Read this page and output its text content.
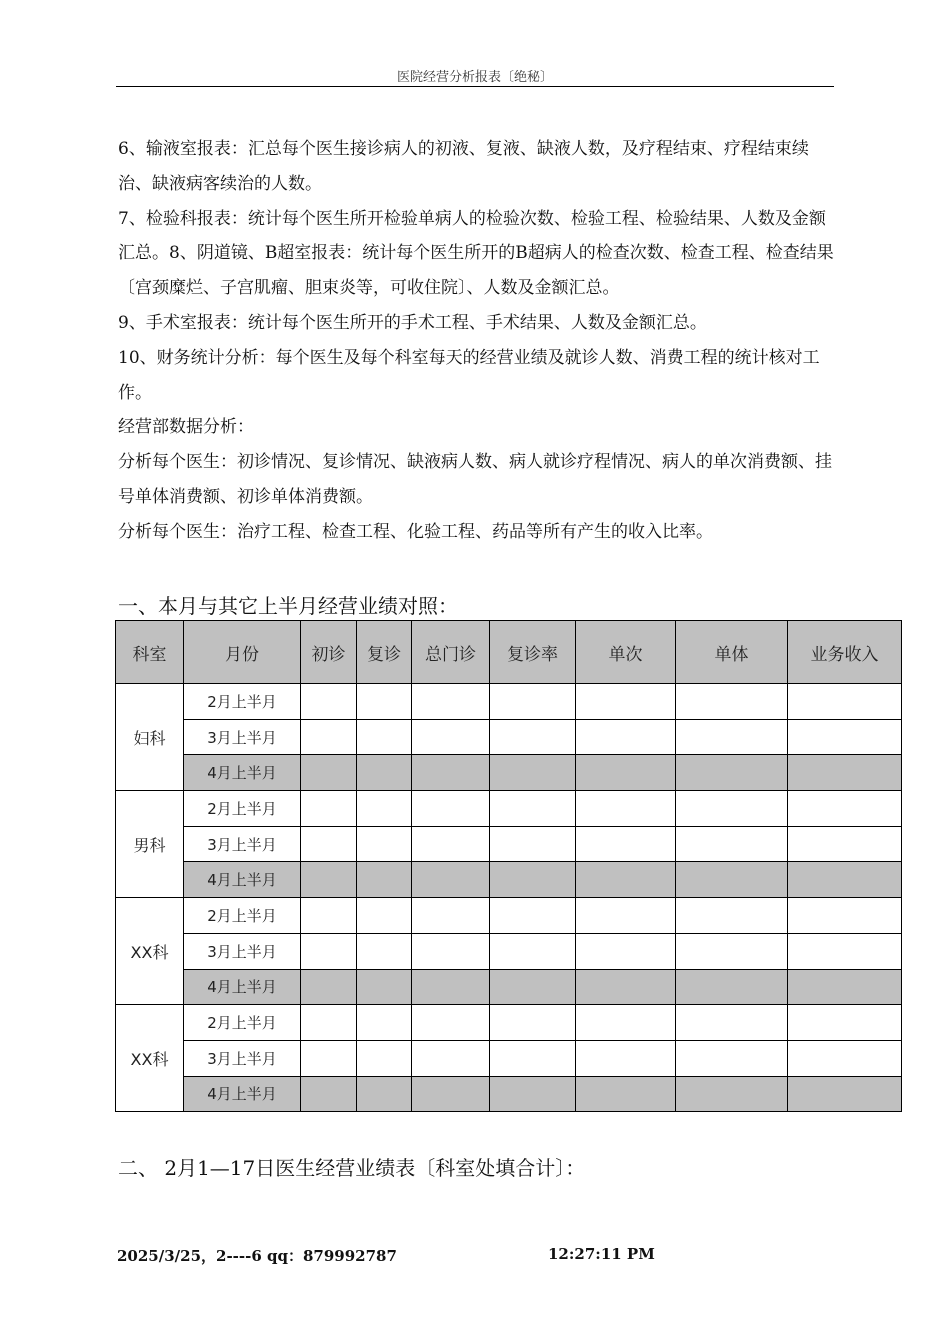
医院经营分析报表〔绝秘〕

6、输液室报表：汇总每个医生接诊病人的初液、复液、缺液人数，及疗程结束、疗程结束续治、缺液病客续治的人数。

7、检验科报表：统计每个医生所开检验单病人的检验次数、检验工程、检验结果、人数及金额汇总。8、阴道镜、B超室报表：统计每个医生所开的B超病人的检查次数、检查工程、检查结果〔宫颈糜烂、子宫肌瘤、胆束炎等，可收住院〕、人数及金额汇总。

9、手术室报表：统计每个医生所开的手术工程、手术结果、人数及金额汇总。

10、财务统计分析：每个医生及每个科室每天的经营业绩及就诊人数、消费工程的统计核对工作。

经营部数据分析：

分析每个医生：初诊情况、复诊情况、缺液病人数、病人就诊疗程情况、病人的单次消费额、挂号单体消费额、初诊单体消费额。

分析每个医生：治疗工程、检查工程、化验工程、药品等所有产生的收入比率。

一、本月与其它上半月经营业绩对照：
科室	月份	初诊	复诊	总门诊	复诊率	单次	单体	业务收入
妇科	2月上半月							
	3月上半月							
	4月上半月							
男科	2月上半月							
	3月上半月							
	4月上半月							
XX科	2月上半月							
	3月上半月							
	4月上半月							
XX科	2月上半月							
	3月上半月							
	4月上半月							
二、 2月1—17日医生经营业绩表〔科室处填合计〕：
2025/3/25，2----6 qq：879992787	12:27:11 PM
